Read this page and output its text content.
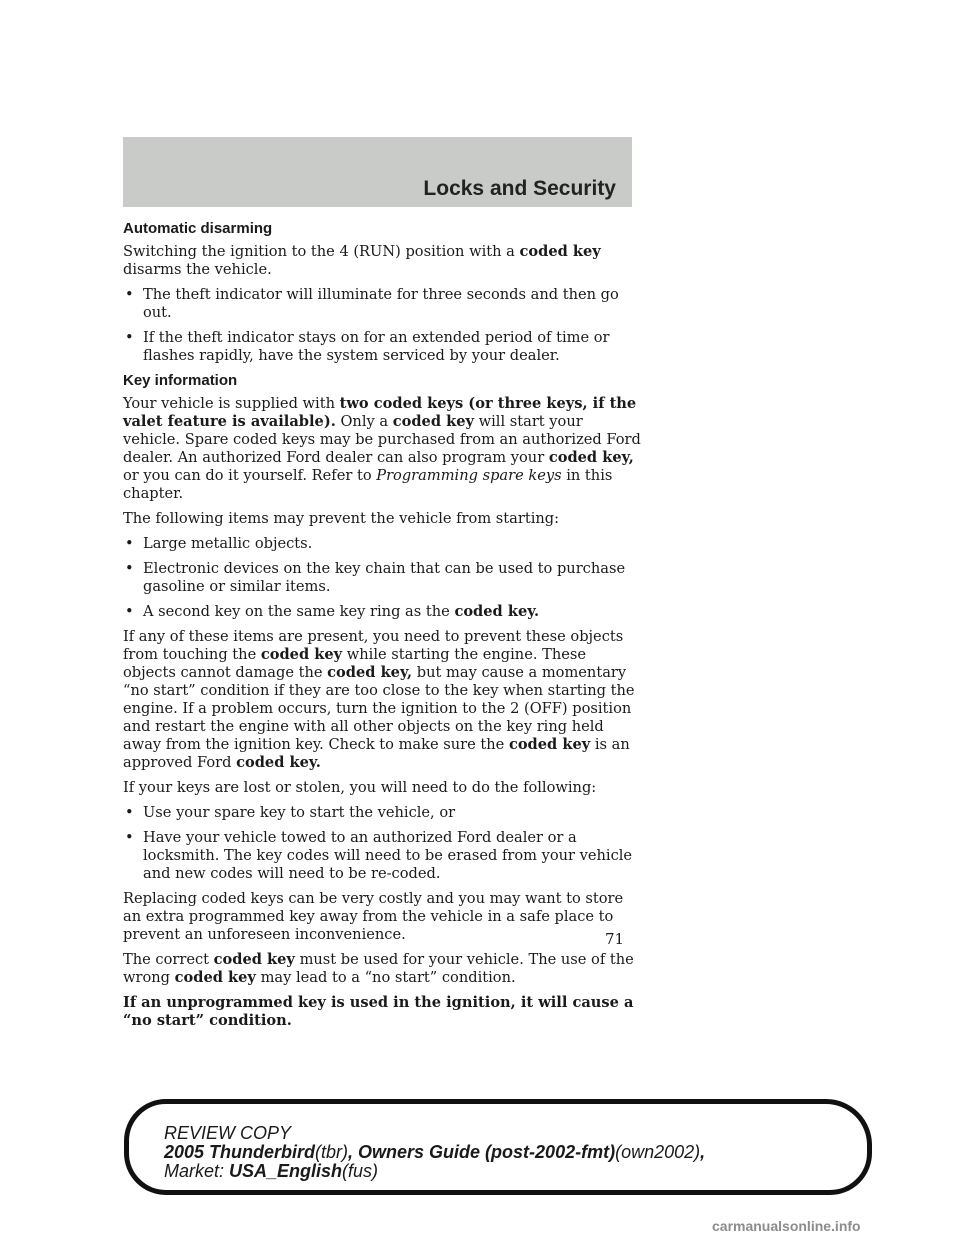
Locks and Security
Automatic disarming

Switching the ignition to the 4 (RUN) position with a coded key disarms the vehicle.

• The theft indicator will illuminate for three seconds and then go out.
• If the theft indicator stays on for an extended period of time or flashes rapidly, have the system serviced by your dealer.
Key information

Your vehicle is supplied with two coded keys (or three keys, if the valet feature is available). Only a coded key will start your vehicle. Spare coded keys may be purchased from an authorized Ford dealer. An authorized Ford dealer can also program your coded key, or you can do it yourself. Refer to Programming spare keys in this chapter.

The following items may prevent the vehicle from starting:

• Large metallic objects.
• Electronic devices on the key chain that can be used to purchase gasoline or similar items.
• A second key on the same key ring as the coded key.

If any of these items are present, you need to prevent these objects from touching the coded key while starting the engine. These objects cannot damage the coded key, but may cause a momentary “no start” condition if they are too close to the key when starting the engine. If a problem occurs, turn the ignition to the 2 (OFF) position and restart the engine with all other objects on the key ring held away from the ignition key. Check to make sure the coded key is an approved Ford coded key.

If your keys are lost or stolen, you will need to do the following:

• Use your spare key to start the vehicle, or
• Have your vehicle towed to an authorized Ford dealer or a locksmith. The key codes will need to be erased from your vehicle and new codes will need to be re-coded.

Replacing coded keys can be very costly and you may want to store an extra programmed key away from the vehicle in a safe place to prevent an unforeseen inconvenience.

The correct coded key must be used for your vehicle. The use of the wrong coded key may lead to a “no start” condition.

If an unprogrammed key is used in the ignition, it will cause a “no start” condition.

71
REVIEW COPY
2005 Thunderbird(tbr), Owners Guide (post-2002-fmt)(own2002),
Market: USA_English(fus)
carmanualsonline.info
